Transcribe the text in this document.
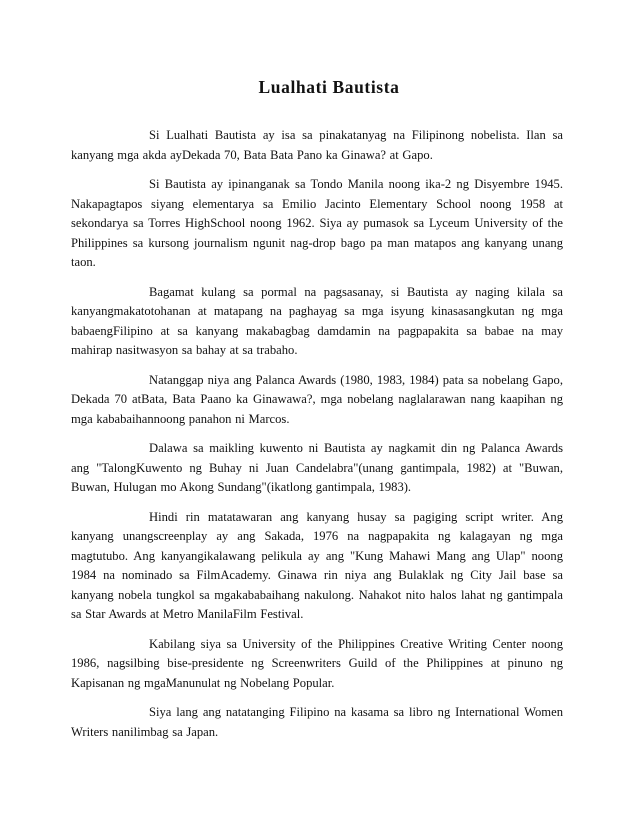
Lualhati Bautista

Si Lualhati Bautista ay isa sa pinakatanyag na Filipinong nobelista. Ilan sa kanyang mga akda ayDekada 70, Bata Bata Pano ka Ginawa? at Gapo.

Si Bautista ay ipinanganak sa Tondo Manila noong ika-2 ng Disyembre 1945. Nakapagtapos siyang elementarya sa Emilio Jacinto Elementary School noong 1958 at sekondarya sa Torres HighSchool noong 1962. Siya ay pumasok sa Lyceum University of the Philippines sa kursong journalism ngunit nag-drop bago pa man matapos ang kanyang unang taon.

Bagamat kulang sa pormal na pagsasanay, si Bautista ay naging kilala sa kanyangmakatotohanan at matapang na paghayag sa mga isyung kinasasangkutan ng mga babaengFilipino at sa kanyang makabagbag damdamin na pagpapakita sa babae na may mahirap nasitwasyon sa bahay at sa trabaho.

Natanggap niya ang Palanca Awards (1980, 1983, 1984) pata sa nobelang Gapo, Dekada 70 atBata, Bata Paano ka Ginawawa?, mga nobelang naglalarawan nang kaapihan ng mga kababaihannoong panahon ni Marcos.

Dalawa sa maikling kuwento ni Bautista ay nagkamit din ng Palanca Awards ang "TalongKuwento ng Buhay ni Juan Candelabra"(unang gantimpala, 1982) at "Buwan, Buwan, Hulugan mo Akong Sundang"(ikatlong gantimpala, 1983).

Hindi rin matatawaran ang kanyang husay sa pagiging script writer. Ang kanyang unangscreenplay ay ang Sakada, 1976 na nagpapakita ng kalagayan ng mga magtutubo. Ang kanyangikalawang pelikula ay ang "Kung Mahawi Mang ang Ulap" noong 1984 na nominado sa FilmAcademy. Ginawa rin niya ang Bulaklak ng City Jail base sa kanyang nobela tungkol sa mgakababaihang nakulong. Nahakot nito halos lahat ng gantimpala sa Star Awards at Metro ManilaFilm Festival.

Kabilang siya sa University of the Philippines Creative Writing Center noong 1986, nagsilbing bise-presidente ng Screenwriters Guild of the Philippines at pinuno ng Kapisanan ng mgaManunulat ng Nobelang Popular.

Siya lang ang natatanging Filipino na kasama sa libro ng International Women Writers nanilimbag sa Japan.
